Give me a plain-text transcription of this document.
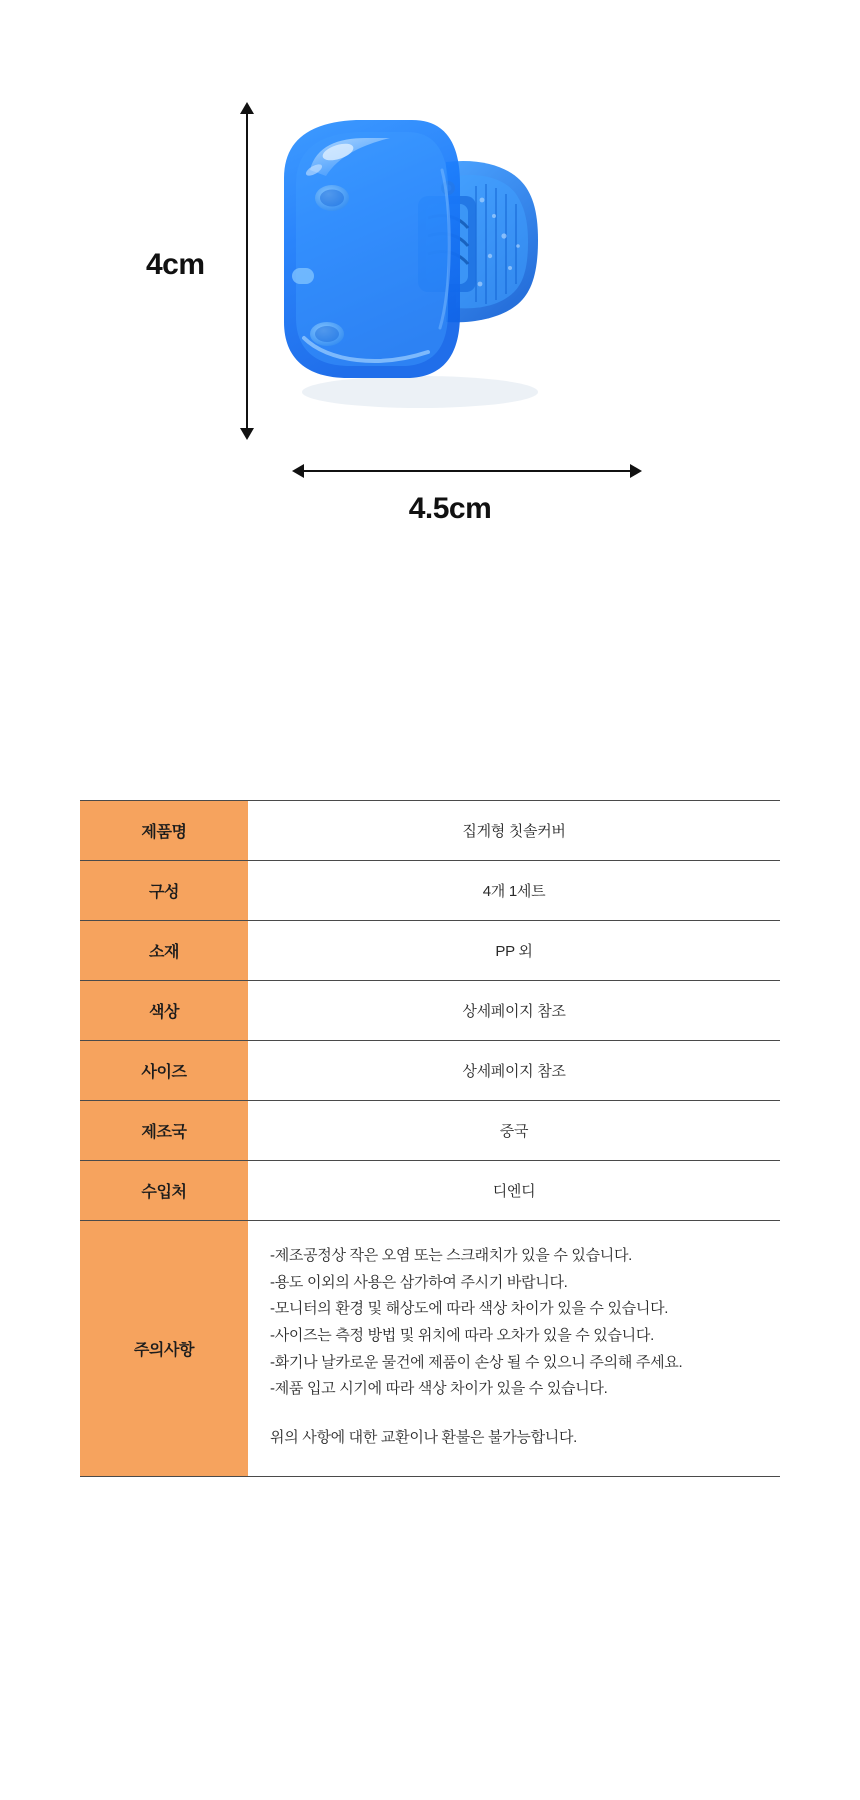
4cm
4.5cm
제품명	집게형 칫솔커버
구성	4개 1세트
소재	PP 외
색상	상세페이지 참조
사이즈	상세페이지 참조
제조국	중국
수입처	디엔디
주의사항	
-제조공정상 작은 오염 또는 스크래치가 있을 수 있습니다.
-용도 이외의 사용은 삼가하여 주시기 바랍니다.
-모니터의 환경 및 해상도에 따라 색상 차이가 있을 수 있습니다.
-사이즈는 측정 방법 및 위치에 따라 오차가 있을 수 있습니다.
-화기나 날카로운 물건에 제품이 손상 될 수 있으니 주의해 주세요.
-제품 입고 시기에 따라 색상 차이가 있을 수 있습니다.
위의 사항에 대한 교환이나 환불은 불가능합니다.
